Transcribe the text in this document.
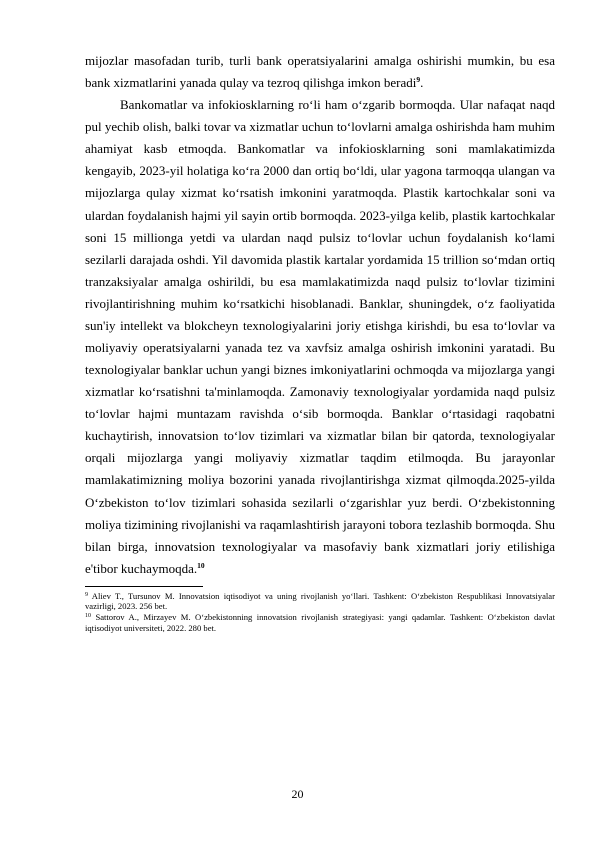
mijozlar masofadan turib, turli bank operatsiyalarini amalga oshirishi mumkin, bu esa bank xizmatlarini yanada qulay va tezroq qilishga imkon beradi$^9$.

Bankomatlar va infokiosklarning ro‘li ham o‘zgarib bormoqda. Ular nafaqat naqd pul yechib olish, balki tovar va xizmatlar uchun to‘lovlarni amalga oshirishda ham muhim ahamiyat kasb etmoqda. Bankomatlar va infokiosklarning soni mamlakatimizda kengayib, 2023-yil holatiga ko‘ra 2000 dan ortiq bo‘ldi, ular yagona tarmoqqa ulangan va mijozlarga qulay xizmat ko‘rsatish imkonini yaratmoqda. Plastik kartochkalar soni va ulardan foydalanish hajmi yil sayin ortib bormoqda. 2023-yilga kelib, plastik kartochkalar soni 15 millionga yetdi va ulardan naqd pulsiz to‘lovlar uchun foydalanish ko‘lami sezilarli darajada oshdi. Yil davomida plastik kartalar yordamida 15 trillion so‘mdan ortiq tranzaksiyalar amalga oshirildi, bu esa mamlakatimizda naqd pulsiz to‘lovlar tizimini rivojlantirishning muhim ko‘rsatkichi hisoblanadi. Banklar, shuningdek, o‘z faoliyatida sun'iy intellekt va blokcheyn texnologiyalarini joriy etishga kirishdi, bu esa to‘lovlar va moliyaviy operatsiyalarni yanada tez va xavfsiz amalga oshirish imkonini yaratadi. Bu texnologiyalar banklar uchun yangi biznes imkoniyatlarini ochmoqda va mijozlarga yangi xizmatlar ko‘rsatishni ta'minlamoqda. Zamonaviy texnologiyalar yordamida naqd pulsiz to‘lovlar hajmi muntazam ravishda o‘sib bormoqda. Banklar o‘rtasidagi raqobatni kuchaytirish, innovatsion to‘lov tizimlari va xizmatlar bilan bir qatorda, texnologiyalar orqali mijozlarga yangi moliyaviy xizmatlar taqdim etilmoqda. Bu jarayonlar mamlakatimizning moliya bozorini yanada rivojlantirishga xizmat qilmoqda.2025-yilda O‘zbekiston to‘lov tizimlari sohasida sezilarli o‘zgarishlar yuz berdi. O‘zbekistonning moliya tizimining rivojlanishi va raqamlashtirish jarayoni tobora tezlashib bormoqda. Shu bilan birga, innovatsion texnologiyalar va masofaviy bank xizmatlari joriy etilishiga e'tibor kuchaymoqda.$^{10}$

$^9$ Aliev T., Tursunov M. Innovatsion iqtisodiyot va uning rivojlanish yo‘llari. Tashkent: O‘zbekiston Respublikasi Innovatsiyalar vazirligi, 2023. 256 bet.

$^{10}$ Sattorov A., Mirzayev M. O‘zbekistonning innovatsion rivojlanish strategiyasi: yangi qadamlar. Tashkent: O‘zbekiston davlat iqtisodiyot universiteti, 2022. 280 bet.

20
